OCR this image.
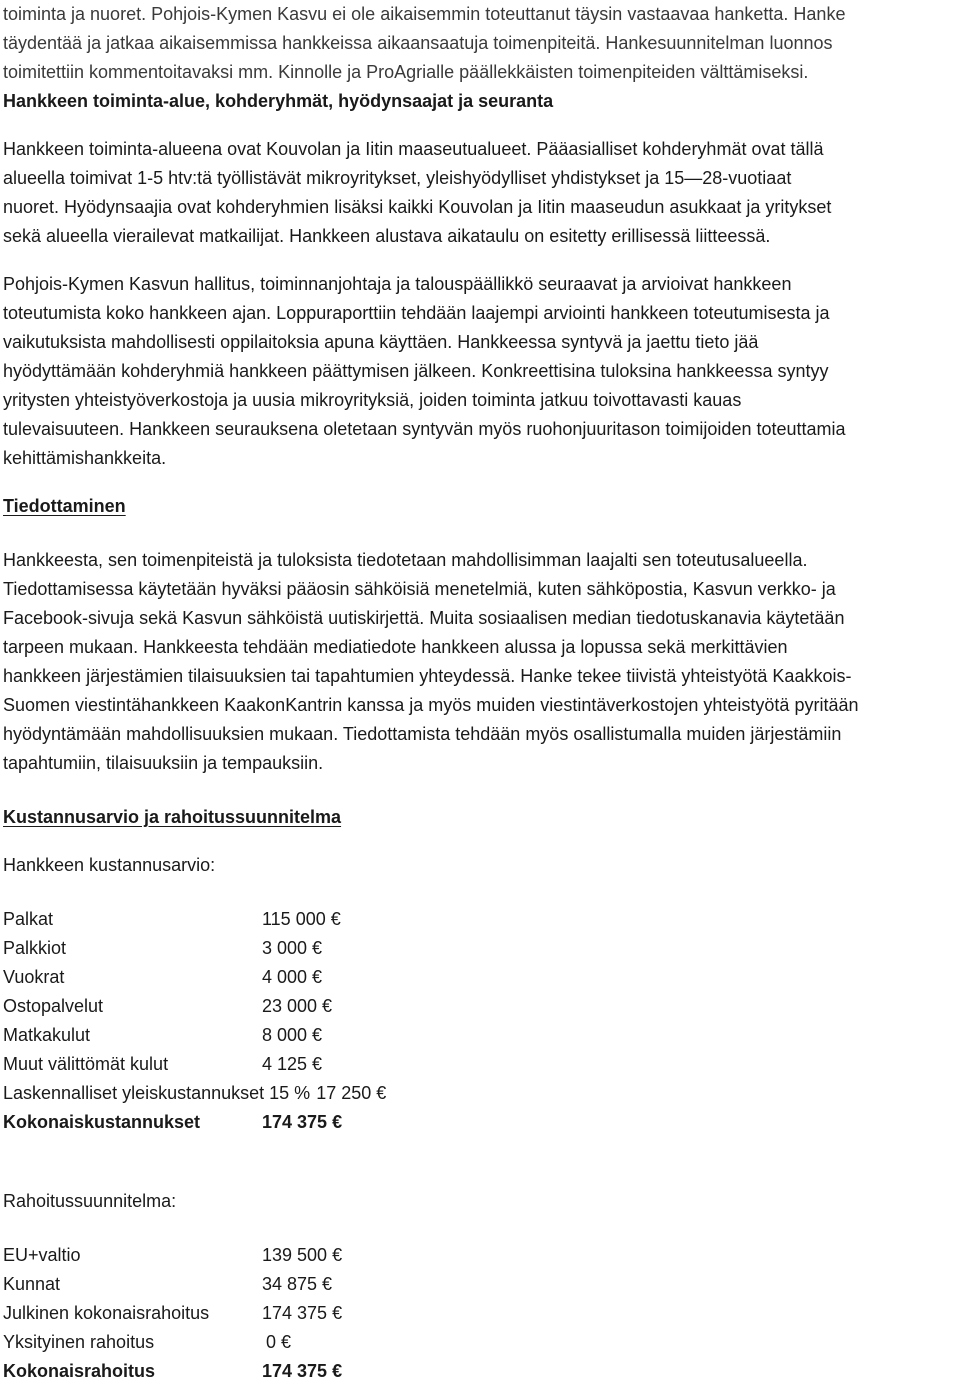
toiminta ja nuoret. Pohjois-Kymen Kasvu ei ole aikaisemmin toteuttanut täysin vastaavaa hanketta. Hanke
täydentää ja jatkaa aikaisemmissa hankkeissa aikaansaatuja toimenpiteitä. Hankesuunnitelman luonnos
toimitettiin kommentoitavaksi mm. Kinnolle ja ProAgrialle päällekkäisten toimenpiteiden välttämiseksi.
Hankkeen toiminta-alue, kohderyhmät, hyödynsaajat ja seuranta
Hankkeen toiminta-alueena ovat Kouvolan ja Iitin maaseutualueet. Pääasialliset kohderyhmät ovat tällä
alueella toimivat 1-5 htv:tä työllistävät mikroyritykset, yleishyödylliset yhdistykset ja 15—28-vuotiaat
nuoret. Hyödynsaajia ovat kohderyhmien lisäksi kaikki Kouvolan ja Iitin maaseudun asukkaat ja yritykset
sekä alueella vierailevat matkailijat. Hankkeen alustava aikataulu on esitetty erillisessä liitteessä.
Pohjois-Kymen Kasvun hallitus, toiminnanjohtaja ja talouspäällikkö seuraavat ja arvioivat hankkeen
toteutumista koko hankkeen ajan. Loppuraporttiin tehdään laajempi arviointi hankkeen toteutumisesta ja
vaikutuksista mahdollisesti oppilaitoksia apuna käyttäen. Hankkeessa syntyvä ja jaettu tieto jää
hyödyttämään kohderyhmiä hankkeen päättymisen jälkeen. Konkreettisina tuloksina hankkeessa syntyy
yritysten yhteistyöverkostoja ja uusia mikroyrityksiä, joiden toiminta jatkuu toivottavasti kauas
tulevaisuuteen. Hankkeen seurauksena oletetaan syntyvän myös ruohonjuuritason toimijoiden toteuttamia
kehittämishankkeita.
Tiedottaminen
Hankkeesta, sen toimenpiteistä ja tuloksista tiedotetaan mahdollisimman laajalti sen toteutusalueella.
Tiedottamisessa käytetään hyväksi pääosin sähköisiä menetelmiä, kuten sähköpostia, Kasvun verkko- ja
Facebook-sivuja sekä Kasvun sähköistä uutiskirjettä. Muita sosiaalisen median tiedotuskanavia käytetään
tarpeen mukaan. Hankkeesta tehdään mediatiedote hankkeen alussa ja lopussa sekä merkittävien
hankkeen järjestämien tilaisuuksien tai tapahtumien yhteydessä. Hanke tekee tiivistä yhteistyötä Kaakkois-
Suomen viestintähankkeen KaakonKantrin kanssa ja myös muiden viestintäverkostojen yhteistyötä pyritään
hyödyntämään mahdollisuuksien mukaan. Tiedottamista tehdään myös osallistumalla muiden järjestämiin
tapahtumiin, tilaisuuksiin ja tempauksiin.
Kustannusarvio ja rahoitussuunnitelma
Hankkeen kustannusarvio:
Palkat	115 000 €
Palkkiot	3 000 €
Vuokrat	4 000 €
Ostopalvelut	23 000 €
Matkakulut	8 000 €
Muut välittömät kulut	4 125 €
Laskennalliset yleiskustannukset 15 % 17 250 €
Kokonaiskustannukset	174 375 €
Rahoitussuunnitelma:
EU+valtio	139 500 €
Kunnat	34 875 €
Julkinen kokonaisrahoitus	174 375 €
Yksityinen rahoitus	0 €
Kokonaisrahoitus	174 375 €
